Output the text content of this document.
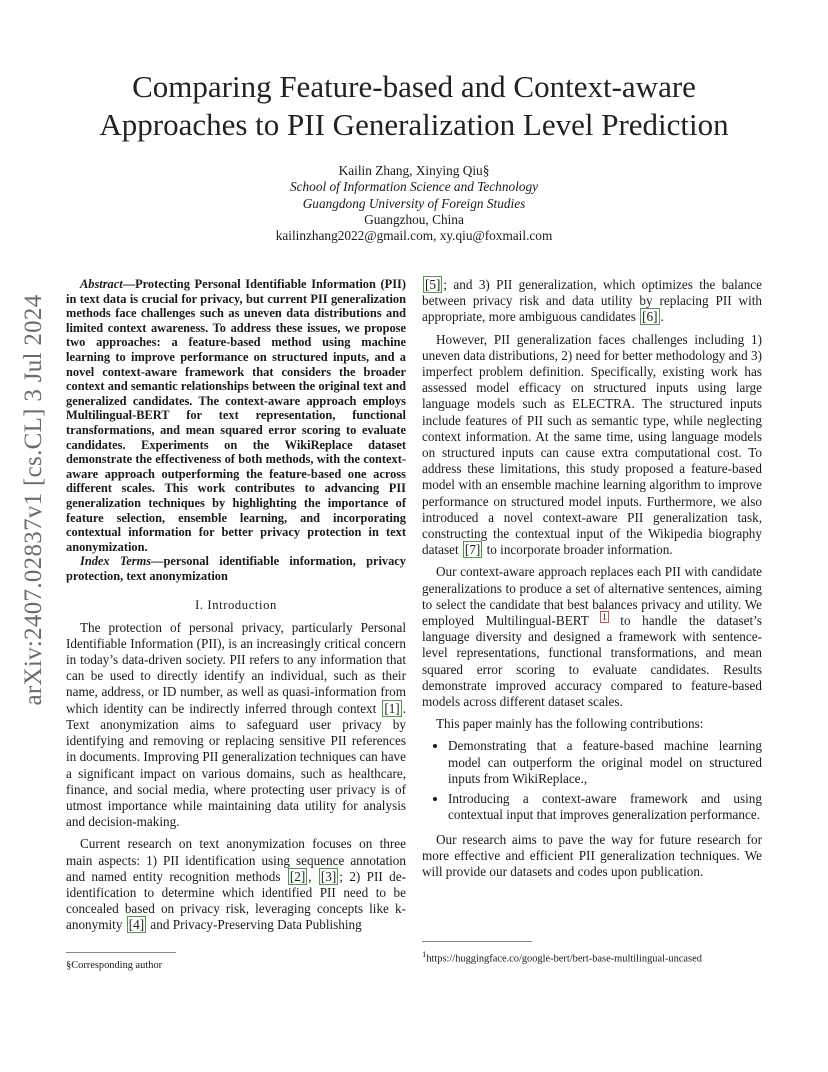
arXiv:2407.02837v1 [cs.CL] 3 Jul 2024
Comparing Feature-based and Context-aware
Approaches to PII Generalization Level Prediction
Kailin Zhang, Xinying Qiu§
School of Information Science and Technology
Guangdong University of Foreign Studies
Guangzhou, China
kailinzhang2022@gmail.com, xy.qiu@foxmail.com

Abstract—Protecting Personal Identifiable Information (PII) in text data is crucial for privacy, but current PII generalization methods face challenges such as uneven data distributions and limited context awareness. To address these issues, we propose two approaches: a feature-based method using machine learning to improve performance on structured inputs, and a novel context-aware framework that considers the broader context and semantic relationships between the original text and generalized candidates. The context-aware approach employs Multilingual-BERT for text representation, functional transformations, and mean squared error scoring to evaluate candidates. Experiments on the WikiReplace dataset demonstrate the effectiveness of both methods, with the context-aware approach outperforming the feature-based one across different scales. This work contributes to advancing PII generalization techniques by highlighting the importance of feature selection, ensemble learning, and incorporating contextual information for better privacy protection in text anonymization.

Index Terms—personal identifiable information, privacy protection, text anonymization

I. Introduction

The protection of personal privacy, particularly Personal Identifiable Information (PII), is an increasingly critical concern in today’s data-driven society. PII refers to any information that can be used to directly identify an individual, such as their name, address, or ID number, as well as quasi-information from which identity can be indirectly inferred through context [1] . Text anonymization aims to safeguard user privacy by identifying and removing or replacing sensitive PII references in documents. Improving PII generalization techniques can have a significant impact on various domains, such as healthcare, finance, and social media, where protecting user privacy is of utmost importance while maintaining data utility for analysis and decision-making.

Current research on text anonymization focuses on three main aspects: 1) PII identification using sequence annotation and named entity recognition methods [2] , [3] ; 2) PII de-identification to determine which identified PII need to be concealed based on privacy risk, leveraging concepts like k-anonymity [4] and Privacy-Preserving Data Publishing

[5] ; and 3) PII generalization, which optimizes the balance between privacy risk and data utility by replacing PII with appropriate, more ambiguous candidates [6] .

However, PII generalization faces challenges including 1) uneven data distributions, 2) need for better methodology and 3) imperfect problem definition. Specifically, existing work has assessed model efficacy on structured inputs using large language models such as ELECTRA. The structured inputs include features of PII such as semantic type, while neglecting context information. At the same time, using language models on structured inputs can cause extra computational cost. To address these limitations, this study proposed a feature-based model with an ensemble machine learning algorithm to improve performance on structured model inputs. Furthermore, we also introduced a novel context-aware PII generalization task, constructing the contextual input of the Wikipedia biography dataset [7] to incorporate broader information.

Our context-aware approach replaces each PII with candidate generalizations to produce a set of alternative sentences, aiming to select the candidate that best balances privacy and utility. We employed Multilingual-BERT $^1$ to handle the dataset’s language diversity and designed a framework with sentence-level representations, functional transformations, and mean squared error scoring to evaluate candidates. Results demonstrate improved accuracy compared to feature-based models across different dataset scales.

This paper mainly has the following contributions:

• Demonstrating that a feature-based machine learning model can outperform the original model on structured inputs from WikiReplace.,
• Introducing a context-aware framework and using contextual input that improves generalization performance.

Our research aims to pave the way for future research for more effective and efficient PII generalization techniques. We will provide our datasets and codes upon publication.

§Corresponding author
$^1$https://huggingface.co/google-bert/bert-base-multilingual-uncased
